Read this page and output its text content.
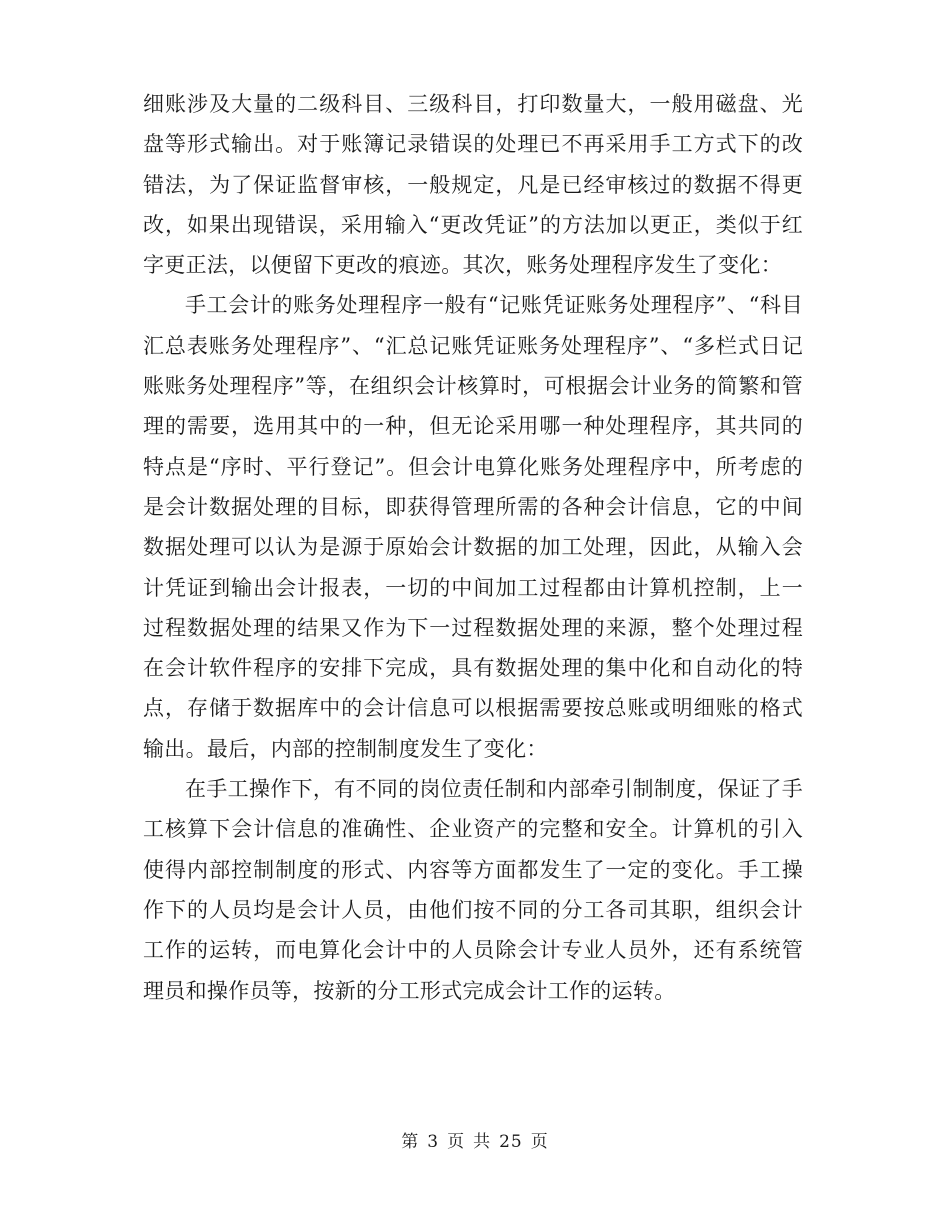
细账涉及大量的二级科目、三级科目，打印数量大，一般用磁盘、光盘等形式输出。对于账簿记录错误的处理已不再采用手工方式下的改错法，为了保证监督审核，一般规定，凡是已经审核过的数据不得更改，如果出现错误，采用输入“更改凭证”的方法加以更正，类似于红字更正法，以便留下更改的痕迹。其次，账务处理程序发生了变化：

手工会计的账务处理程序一般有“记账凭证账务处理程序”、“科目汇总表账务处理程序”、“汇总记账凭证账务处理程序”、“多栏式日记账账务处理程序”等，在组织会计核算时，可根据会计业务的简繁和管理的需要，选用其中的一种，但无论采用哪一种处理程序，其共同的特点是“序时、平行登记”。但会计电算化账务处理程序中，所考虑的是会计数据处理的目标，即获得管理所需的各种会计信息，它的中间数据处理可以认为是源于原始会计数据的加工处理，因此，从输入会计凭证到输出会计报表，一切的中间加工过程都由计算机控制，上一过程数据处理的结果又作为下一过程数据处理的来源，整个处理过程在会计软件程序的安排下完成，具有数据处理的集中化和自动化的特点，存储于数据库中的会计信息可以根据需要按总账或明细账的格式输出。最后，内部的控制制度发生了变化：

在手工操作下，有不同的岗位责任制和内部牵引制制度，保证了手工核算下会计信息的准确性、企业资产的完整和安全。计算机的引入使得内部控制制度的形式、内容等方面都发生了一定的变化。手工操作下的人员均是会计人员，由他们按不同的分工各司其职，组织会计工作的运转，而电算化会计中的人员除会计专业人员外，还有系统管理员和操作员等，按新的分工形式完成会计工作的运转。

第 3 页 共 25 页
